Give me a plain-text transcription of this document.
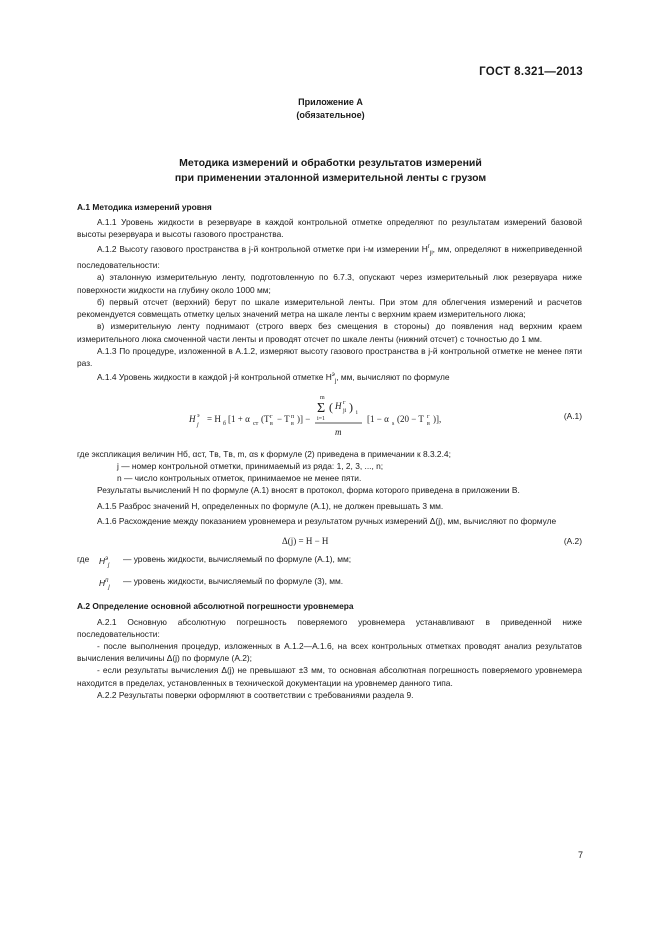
ГОСТ 8.321—2013
Приложение А
(обязательное)
Методика измерений и обработки результатов измерений
при применении эталонной измерительной ленты с грузом

А.1 Методика измерений уровня

А.1.1 Уровень жидкости в резервуаре в каждой контрольной отметке определяют по результатам измерений базовой высоты резервуара и высоты газового пространства.

А.1.2 Высоту газового пространства в j-й контрольной отметке при i-м измерении $H^г_{ji}$, мм, определяют в нижеприведенной последовательности:

а) эталонную измерительную ленту, подготовленную по 6.7.3, опускают через измерительный люк резервуара ниже поверхности жидкости на глубину около 1000 мм;

б) первый отсчет (верхний) берут по шкале измерительной ленты. При этом для облегчения измерений и расчетов рекомендуется совмещать отметку целых значений метра на шкале ленты с верхним краем измерительного люка;

в) измерительную ленту поднимают (строго вверх без смещения в стороны) до появления над верхним краем измерительного люка смоченной части ленты и проводят отсчет по шкале ленты (нижний отсчет) с точностью до 1 мм.

А.1.3 По процедуре, изложенной в А.1.2, измеряют высоту газового пространства в j-й контрольной отметке не менее пяти раз.

А.1.4 Уровень жидкости в каждой j-й контрольной отметке $H^э_j$, мм, вычисляют по формуле

H э
j
= H б [1 + α ст (T г
в − T п
в )] −
Σ
m
i=1
( H г
ji ) i
m
[1 − α s (20 − T г
в )],	(А.1)

где экспликация величин Hб, αст, Tв, Tв, m, αs к формуле (2) приведена в примечании к 8.3.2.4;

j — номер контрольной отметки, принимаемый из ряда: 1, 2, 3, ..., n;

n — число контрольных отметок, принимаемое не менее пяти.

Результаты вычислений H по формуле (А.1) вносят в протокол, форма которого приведена в приложении В.

А.1.5 Разброс значений H, определенных по формуле (А.1), не должен превышать 3 мм.

А.1.6 Расхождение между показанием уровнемера и результатом ручных измерений Δ(j), мм, вычисляют по формуле

Δ(j) = H − H	(А.2)
где	$H^э_j$
— уровень жидкости, вычисляемый по формуле (А.1), мм;
$H^п_j$
— уровень жидкости, вычисляемый по формуле (3), мм.

А.2 Определение основной абсолютной погрешности уровнемера

А.2.1 Основную абсолютную погрешность поверяемого уровнемера устанавливают в приведенной ниже последовательности:

- после выполнения процедур, изложенных в А.1.2—А.1.6, на всех контрольных отметках проводят анализ результатов вычисления величины Δ(j) по формуле (А.2);

- если результаты вычисления Δ(j) не превышают ±3 мм, то основная абсолютная погрешность поверяемого уровнемера находится в пределах, установленных в технической документации на уровнемер данного типа.

А.2.2 Результаты поверки оформляют в соответствии с требованиями раздела 9.

7
